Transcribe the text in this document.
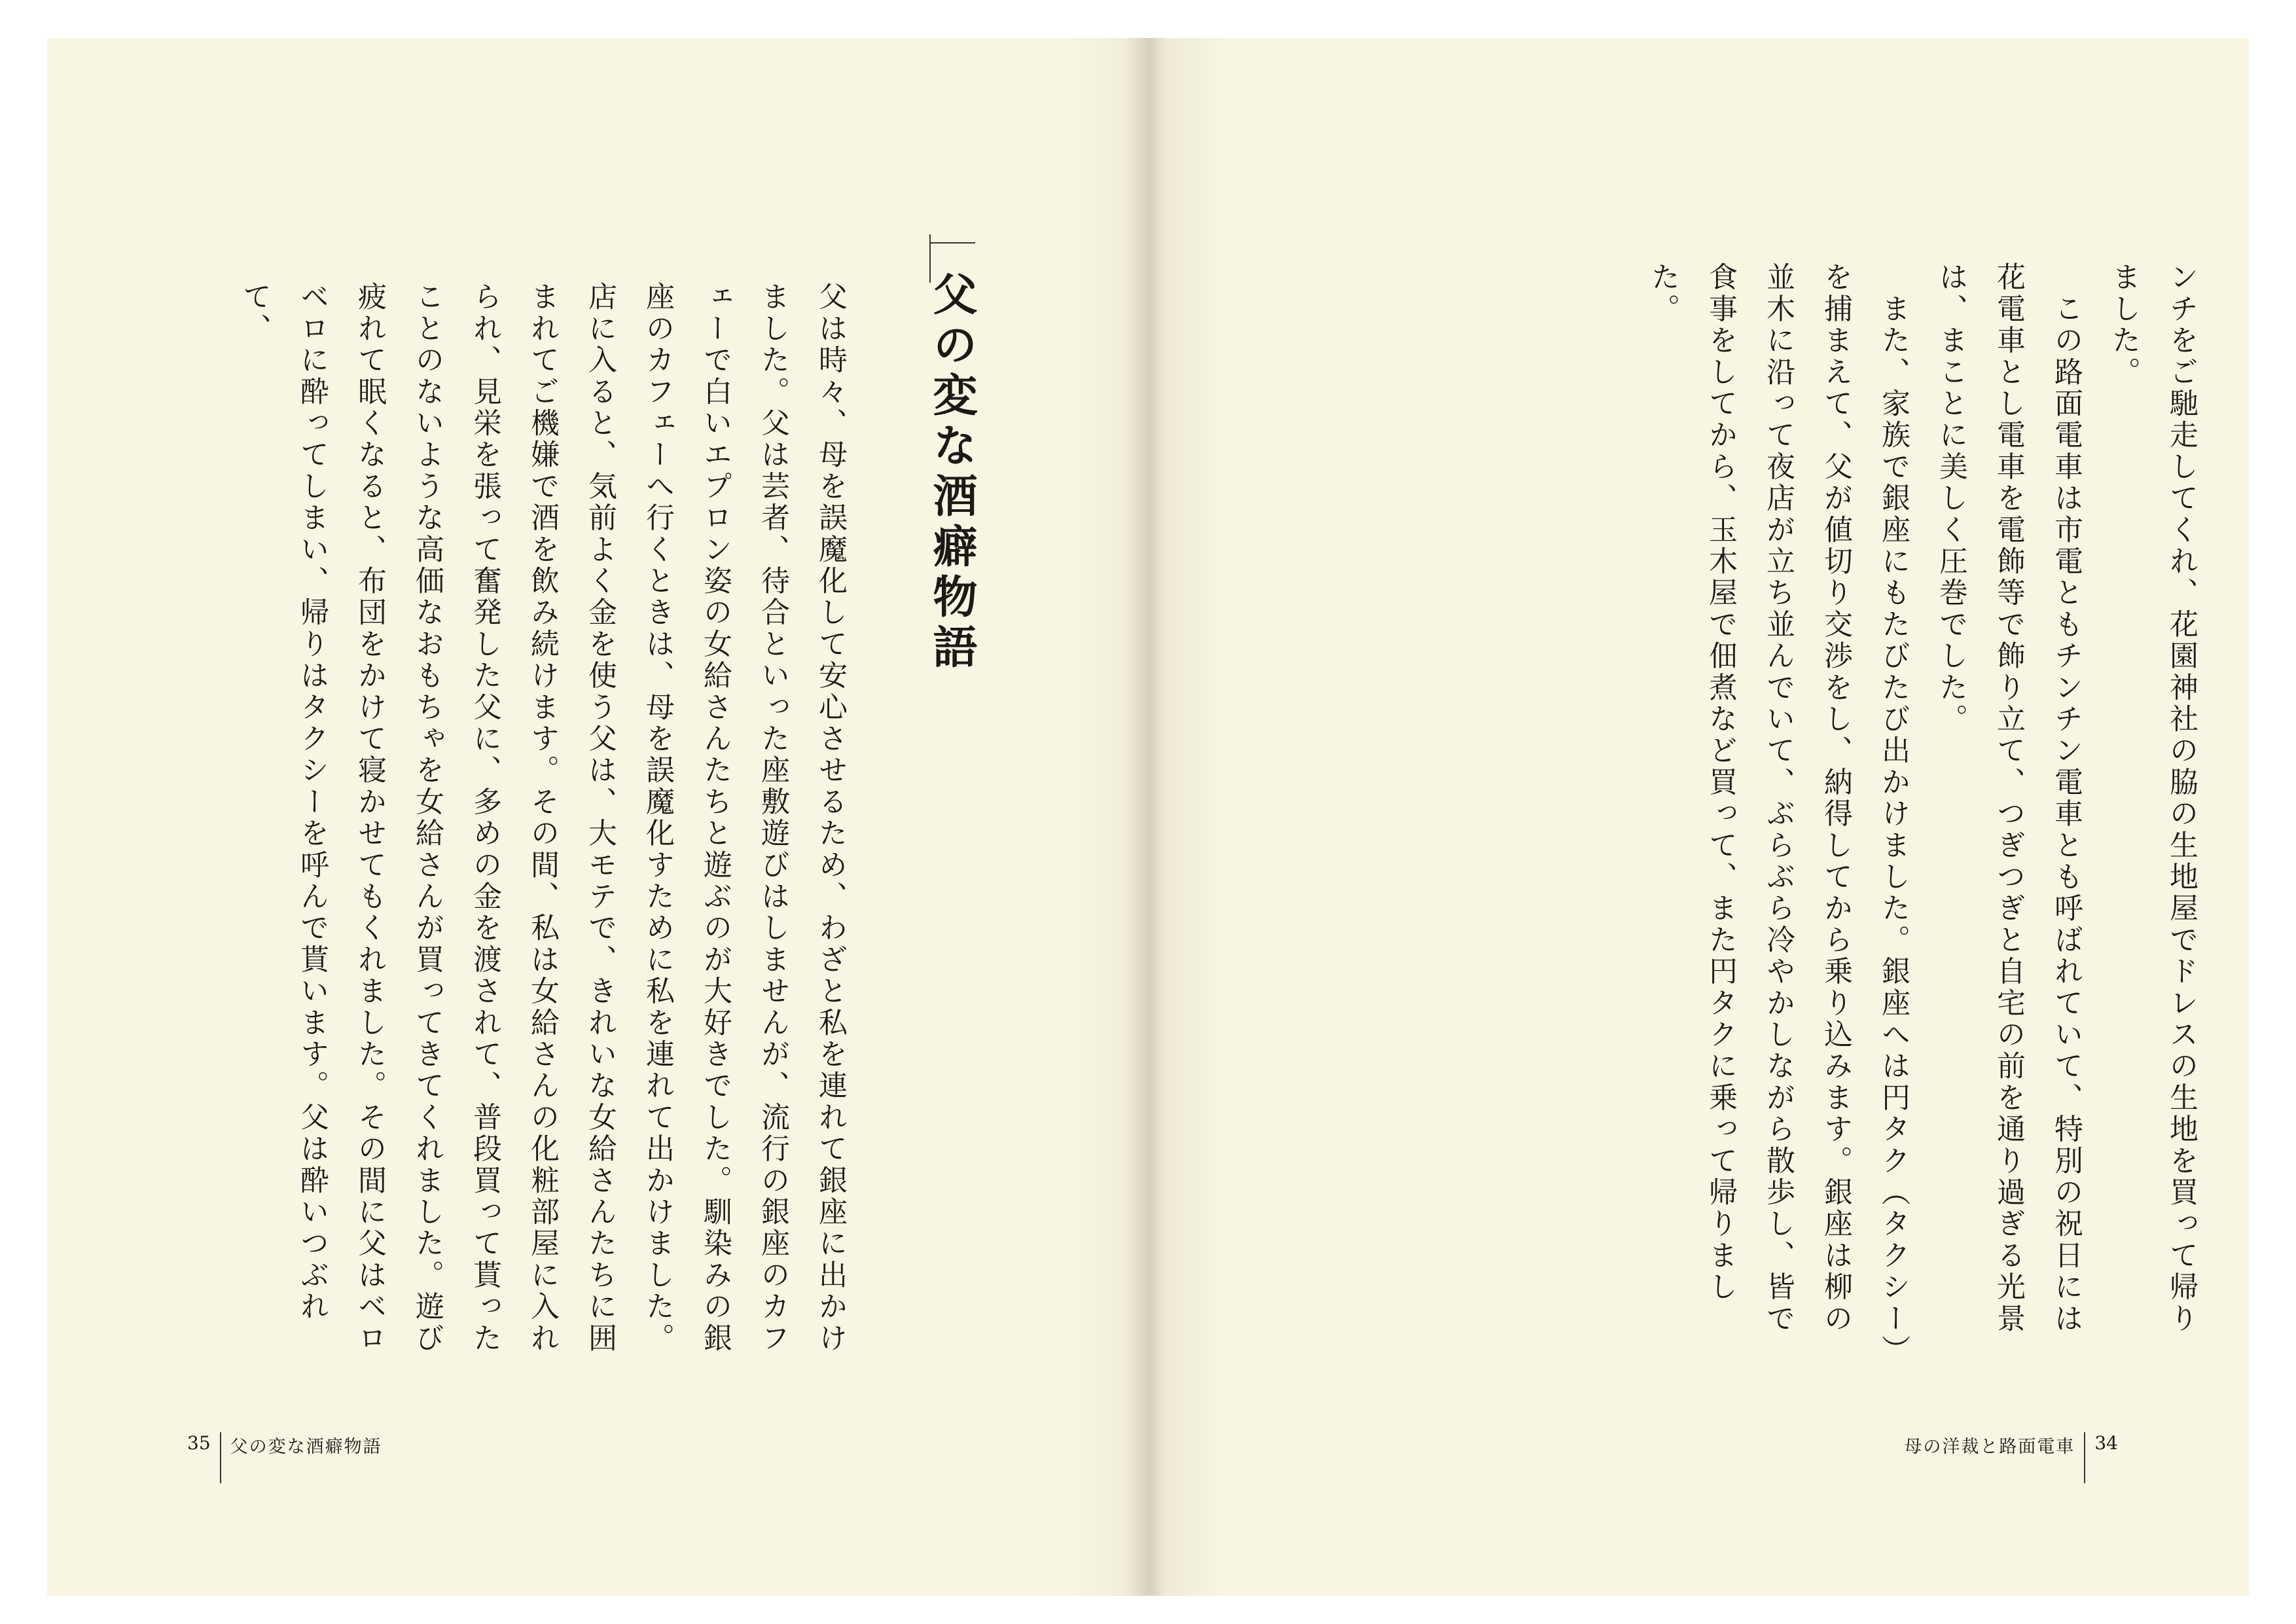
父の変な酒癖物語

父は時々、母を誤魔化して安心させるため、わざと私を連れて銀座に出かけました。父は芸者、待合といった座敷遊びはしませんが、流行の銀座のカフェーで白いエプロン姿の女給さんたちと遊ぶのが大好きでした。馴染みの銀座のカフェーへ行くときは、母を誤魔化すために私を連れて出かけました。店に入ると、気前よく金を使う父は、大モテで、きれいな女給さんたちに囲まれてご機嫌で酒を飲み続けます。その間、私は女給さんの化粧部屋に入れられ、見栄を張って奮発した父に、多めの金を渡されて、普段買って貰ったことのないような高価なおもちゃを女給さんが買ってきてくれました。遊び疲れて眠くなると、布団をかけて寝かせてもくれました。その間に父はベロベロに酔ってしまい、帰りはタクシーを呼んで貰います。父は酔いつぶれて、

35 父の変な酒癖物語

ンチをご馳走してくれ、花園神社の脇の生地屋でドレスの生地を買って帰りました。
　この路面電車は市電ともチンチン電車とも呼ばれていて、特別の祝日には花電車とし電車を電飾等で飾り立て、つぎつぎと自宅の前を通り過ぎる光景は、まことに美しく圧巻でした。
　また、家族で銀座にもたびたび出かけました。銀座へは円タク（タクシー）を捕まえて、父が値切り交渉をし、納得してから乗り込みます。銀座は柳の並木に沿って夜店が立ち並んでいて、ぶらぶら冷やかしながら散歩し、皆で食事をしてから、玉木屋で佃煮など買って、また円タクに乗って帰りました。

母の洋裁と路面電車 34
